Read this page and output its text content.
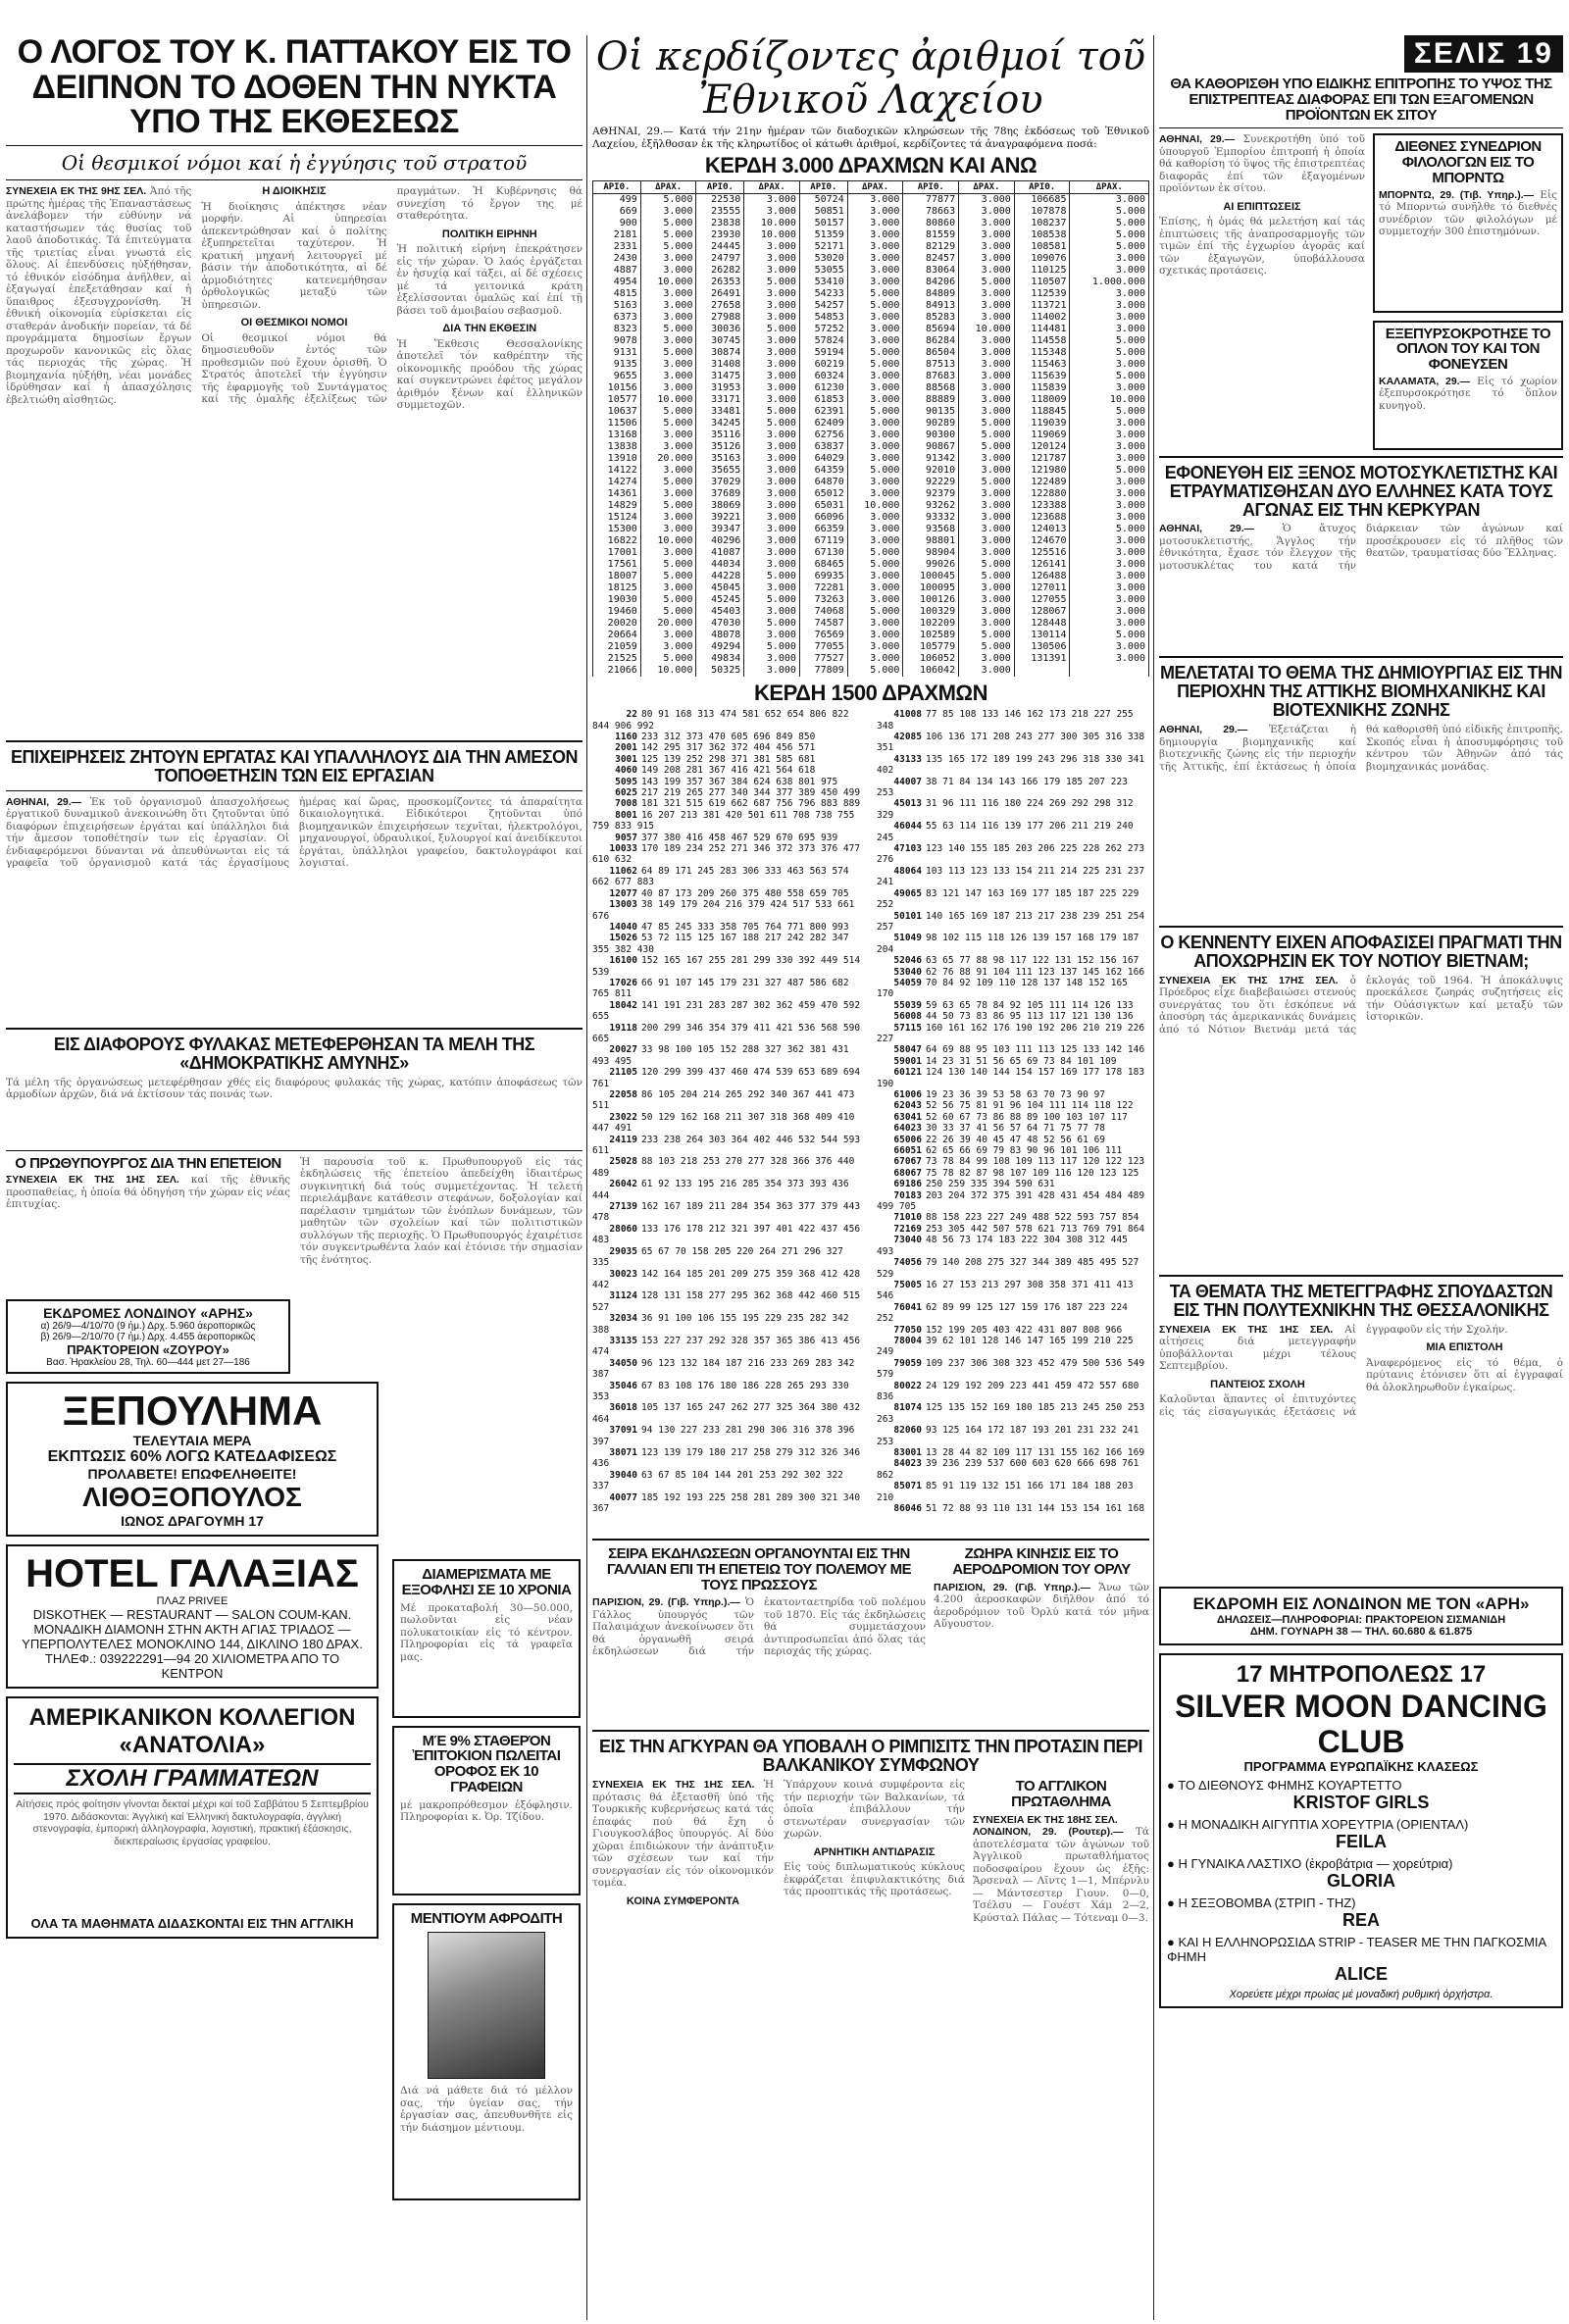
Ο ΛΟΓΟΣ ΤΟΥ Κ. ΠΑΤΤΑΚΟΥ ΕΙΣ ΤΟ ΔΕΙΠΝΟΝ ΤΟ ΔΟΘΕΝ ΤΗΝ ΝΥΚΤΑ ΥΠΟ ΤΗΣ ΕΚΘΕΣΕΩΣ
Οἱ θεσμικοί νόμοι καί ἡ ἐγγύησις τοῦ στρατοῦ
ΣΥΝΕΧΕΙΑ ΕΚ ΤΗΣ 9ΗΣ ΣΕΛ. Ἀπό τῆς πρώτης ἡμέρας τῆς Ἐπαναστάσεως ἀνελάβομεν τήν εὐθύνην νά καταστήσωμεν τάς θυσίας τοῦ λαοῦ ἀποδοτικάς. Τά ἐπιτεύγματα τῆς τριετίας εἶναι γνωστά εἰς ὅλους. Αἱ ἐπενδύσεις ηὐξήθησαν, τό ἐθνικόν εἰσόδημα ἀνῆλθεν, αἱ ἐξαγωγαί ἐπεξετάθησαν καί ἡ ὕπαιθρος ἐξεσυγχρονίσθη. Ἡ ἐθνική οἰκονομία εὑρίσκεται εἰς σταθεράν ἀνοδικήν πορείαν, τά δέ προγράμματα δημοσίων ἔργων προχωροῦν κανονικῶς εἰς ὅλας τάς περιοχάς τῆς χώρας. Ἡ βιομηχανία ηὐξήθη, νέαι μονάδες ἱδρύθησαν καί ἡ ἀπασχόλησις ἐβελτιώθη αἰσθητῶς.
Η ΔΙΟΙΚΗΣΙΣ
Ἡ διοίκησις ἀπέκτησε νέαν μορφήν. Αἱ ὑπηρεσίαι ἀπεκεντρώθησαν καί ὁ πολίτης ἐξυπηρετεῖται ταχύτερον. Ἡ κρατική μηχανή λειτουργεῖ μέ βάσιν τήν ἀποδοτικότητα, αἱ δέ ἀρμοδιότητες κατενεμήθησαν ὀρθολογικῶς μεταξύ τῶν ὑπηρεσιῶν.
ΟΙ ΘΕΣΜΙΚΟΙ ΝΟΜΟΙ
Οἱ θεσμικοί νόμοι θά δημοσιευθοῦν ἐντός τῶν προθεσμιῶν πού ἔχουν ὁρισθῆ. Ὁ Στρατός ἀποτελεῖ τήν ἐγγύησιν τῆς ἐφαρμογῆς τοῦ Συντάγματος καί τῆς ὁμαλῆς ἐξελίξεως τῶν πραγμάτων. Ἡ Κυβέρνησις θά συνεχίση τό ἔργον της μέ σταθερότητα.
ΠΟΛΙΤΙΚΗ ΕΙΡΗΝΗ
Ἡ πολιτική εἰρήνη ἐπεκράτησεν εἰς τήν χώραν. Ὁ λαός ἐργάζεται ἐν ἡσυχίᾳ καί τάξει, αἱ δέ σχέσεις μέ τά γειτονικά κράτη ἐξελίσσονται ὁμαλῶς καί ἐπί τῇ βάσει τοῦ ἀμοιβαίου σεβασμοῦ.
ΔΙΑ ΤΗΝ ΕΚΘΕΣΙΝ
Ἡ Ἔκθεσις Θεσσαλονίκης ἀποτελεῖ τόν καθρέπτην τῆς οἰκονομικῆς προόδου τῆς χώρας καί συγκεντρώνει ἐφέτος μεγάλον ἀριθμόν ξένων καί ἑλληνικῶν συμμετοχῶν.
ΕΠΙΧΕΙΡΗΣΕΙΣ ΖΗΤΟΥΝ ΕΡΓΑΤΑΣ ΚΑΙ ΥΠΑΛΛΗΛΟΥΣ ΔΙΑ ΤΗΝ ΑΜΕΣΟΝ ΤΟΠΟΘΕΤΗΣΙΝ ΤΩΝ ΕΙΣ ΕΡΓΑΣΙΑΝ
ΑΘΗΝΑΙ, 29.— Ἐκ τοῦ ὀργανισμοῦ ἀπασχολήσεως ἐργατικοῦ δυναμικοῦ ἀνεκοινώθη ὅτι ζητοῦνται ὑπό διαφόρων ἐπιχειρήσεων ἐργάται καί ὑπάλληλοι διά τήν ἄμεσον τοποθέτησίν των εἰς ἐργασίαν. Οἱ ἐνδιαφερόμενοι δύνανται νά ἀπευθύνωνται εἰς τά γραφεῖα τοῦ ὀργανισμοῦ κατά τάς ἐργασίμους ἡμέρας καί ὥρας, προσκομίζοντες τά ἀπαραίτητα δικαιολογητικά. Εἰδικότεροι ζητοῦνται ὑπό βιομηχανικῶν ἐπιχειρήσεων τεχνῖται, ἠλεκτρολόγοι, μηχανουργοί, ὑδραυλικοί, ξυλουργοί καί ἀνειδίκευτοι ἐργάται, ὑπάλληλοι γραφείου, δακτυλογράφοι καί λογισταί.
ΕΙΣ ΔΙΑΦΟΡΟΥΣ ΦΥΛΑΚΑΣ ΜΕΤΕΦΕΡΘΗΣΑΝ ΤΑ ΜΕΛΗ ΤΗΣ «ΔΗΜΟΚΡΑΤΙΚΗΣ ΑΜΥΝΗΣ»
Τά μέλη τῆς ὀργανώσεως μετεφέρθησαν χθές εἰς διαφόρους φυλακάς τῆς χώρας, κατόπιν ἀποφάσεως τῶν ἀρμοδίων ἀρχῶν, διά νά ἐκτίσουν τάς ποινάς των.
Ο ΠΡΩΘΥΠΟΥΡΓΟΣ ΔΙΑ ΤΗΝ ΕΠΕΤΕΙΟΝ
ΣΥΝΕΧΕΙΑ ΕΚ ΤΗΣ 1ΗΣ ΣΕΛ. καί τῆς ἐθνικῆς προσπαθείας, ἡ ὁποία θά ὁδηγήση τήν χώραν εἰς νέας ἐπιτυχίας.
ΕΚΔΡΟΜΕΣ ΛΟΝΔΙΝΟΥ «ΑΡΗΣ»
α) 26/9—4/10/70 (9 ἡμ.) Δρχ. 5.960 ἀεροπορικῶς
β) 26/9—2/10/70 (7 ἡμ.) Δρχ. 4.455 ἀεροπορικῶς
ΠΡΑΚΤΟΡΕΙΟΝ «ΖΟΥΡΟΥ»
Βασ. Ἡρακλείου 28, Τηλ. 60—444 μετ 27—186
Ἡ παρουσία τοῦ κ. Πρωθυπουργοῦ εἰς τάς ἐκδηλώσεις τῆς ἐπετείου ἀπεδείχθη ἰδιαιτέρως συγκινητική διά τούς συμμετέχοντας. Ἡ τελετή περιελάμβανε κατάθεσιν στεφάνων, δοξολογίαν καί παρέλασιν τμημάτων τῶν ἐνόπλων δυνάμεων, τῶν μαθητῶν τῶν σχολείων καί τῶν πολιτιστικῶν συλλόγων τῆς περιοχῆς. Ὁ Πρωθυπουργός ἐχαιρέτισε τόν συγκεντρωθέντα λαόν καί ἐτόνισε τήν σημασίαν τῆς ἑνότητος.
ΞΕΠΟΥΛΗΜΑ
ΤΕΛΕΥΤΑΙΑ ΜΕΡΑ
ΕΚΠΤΩΣΙΣ 60% ΛΟΓΩ ΚΑΤΕΔΑΦΙΣΕΩΣ
ΠΡΟΛΑΒΕΤΕ! ΕΠΩΦΕΛΗΘΕΙΤΕ!
ΛΙΘΟΞΟΠΟΥΛΟΣ
ΙΩΝΟΣ ΔΡΑΓΟΥΜΗ 17
HOTEL ΓΑΛΑΞΙΑΣ
ΠΛΑΖ PRIVEE
DISKOTHEK — RESTAURANT — SALON COUM-KAN. ΜΟΝΑΔΙΚΗ ΔΙΑΜΟΝΗ ΣΤΗΝ ΑΚΤΗ ΑΓΙΑΣ ΤΡΙΑΔΟΣ — ΥΠΕΡΠΟΛΥΤΕΛΕΣ ΜΟΝΟΚΛΙΝΟ 144, ΔΙΚΛΙΝΟ 180 ΔΡΑΧ. ΤΗΛΕΦ.: 039222291—94 20 ΧΙΛΙΟΜΕΤΡΑ ΑΠΟ ΤΟ ΚΕΝΤΡΟΝ
ΑΜΕΡΙΚΑΝΙΚΟΝ ΚΟΛΛΕΓΙΟΝ «ΑΝΑΤΟΛΙΑ»
ΣΧΟΛΗ ΓΡΑΜΜΑΤΕΩΝ
Αἰτήσεις πρός φοίτησιν γίνονται δεκταί μέχρι καί τοῦ Σαββάτου 5 Σεπτεμβρίου 1970. Διδάσκονται: Ἀγγλική καί Ἑλληνική δακτυλογραφία, ἀγγλική στενογραφία, ἐμπορική ἀλληλογραφία, λογιστική, πρακτική ἐξάσκησις, διεκπεραίωσις ἐργασίας γραφείου.
ΟΛΑ ΤΑ ΜΑΘΗΜΑΤΑ ΔΙΔΑΣΚΟΝΤΑΙ ΕΙΣ ΤΗΝ ΑΓΓΛΙΚΗ
ΔΙΑΜΕΡΙΣΜΑΤΑ ΜΕ ΕΞΟΦΛΗΣΙ ΣΕ 10 ΧΡΟΝΙΑ
Μέ προκαταβολή 30—50.000, πωλοῦνται εἰς νέαν πολυκατοικίαν εἰς τό κέντρον. Πληροφορίαι εἰς τά γραφεῖα μας.
ΜΈ 9% ΣΤΑΘΕΡΌΝ ἘΠΙΤΌΚΙΟΝ ΠΩΛΕΙΤΑΙ ΟΡΟΦΟΣ ΕΚ 10 ΓΡΑΦΕΙΩΝ
μέ μακροπρόθεσμον ἐξόφλησιν. Πληροφορίαι κ. Ὀρ. Τζίδου.
ΜΕΝΤΙΟΥΜ ΑΦΡΟΔΙΤΗ
Διά νά μάθετε διά τό μέλλον σας, τήν ὑγείαν σας, τήν ἐργασίαν σας, ἀπευθυνθῆτε εἰς τήν διάσημον μέντιουμ.
Οἱ κερδίζοντες ἀριθμοί τοῦ Ἐθνικοῦ Λαχείου
ΑΘΗΝΑΙ, 29.— Κατά τήν 21ην ἡμέραν τῶν διαδοχικῶν κληρώσεων τῆς 78ης ἐκδόσεως τοῦ Ἐθνικοῦ Λαχείου, ἐξῆλθοσαν ἐκ τῆς κληρωτίδος οἱ κάτωθι ἀριθμοί, κερδίζοντες τά ἀναγραφόμενα ποσά:
ΚΕΡΔΗ 3.000 ΔΡΑΧΜΩΝ ΚΑΙ ΑΝΩ
ΑΡΙΘ.	ΔΡΑΧ.	ΑΡΙΘ.	ΔΡΑΧ.	ΑΡΙΘ.	ΔΡΑΧ.	ΑΡΙΘ.	ΔΡΑΧ.	ΑΡΙΘ.	ΔΡΑΧ.
499	5.000	22530	3.000	50724	3.000	77877	3.000	106685	3.000
669	3.000	23555	3.000	50851	3.000	78663	3.000	107878	5.000
900	5.000	23838	10.000	50157	3.000	80860	3.000	108237	5.000
2181	5.000	23930	10.000	51359	3.000	81559	3.000	108538	5.000
2331	5.000	24445	3.000	52171	3.000	82129	3.000	108581	5.000
2430	3.000	24797	3.000	53020	3.000	82457	3.000	109076	3.000
4887	3.000	26282	3.000	53055	3.000	83064	3.000	110125	3.000
4954	10.000	26353	5.000	53410	3.000	84206	5.000	110507	1.000.000
4815	3.000	26491	3.000	54233	5.000	84809	3.000	112539	3.000
5163	3.000	27658	3.000	54257	5.000	84913	3.000	113721	3.000
6373	3.000	27988	3.000	54853	3.000	85283	3.000	114002	3.000
8323	5.000	30036	5.000	57252	3.000	85694	10.000	114481	3.000
9078	3.000	30745	3.000	57824	3.000	86284	3.000	114558	5.000
9131	5.000	30874	3.000	59194	5.000	86504	3.000	115348	5.000
9135	3.000	31408	3.000	60219	5.000	87513	3.000	115463	3.000
9655	3.000	31475	3.000	60324	3.000	87683	3.000	115639	5.000
10156	3.000	31953	3.000	61230	3.000	88568	3.000	115839	3.000
10577	10.000	33171	3.000	61853	3.000	88889	3.000	118009	10.000
10637	5.000	33481	5.000	62391	5.000	90135	3.000	118845	5.000
11506	5.000	34245	5.000	62409	3.000	90289	5.000	119039	3.000
13168	3.000	35116	3.000	62756	3.000	90300	5.000	119069	3.000
13838	3.000	35126	3.000	63837	3.000	90867	5.000	120124	3.000
13910	20.000	35163	3.000	64029	3.000	91342	3.000	121787	3.000
14122	3.000	35655	3.000	64359	5.000	92010	3.000	121980	5.000
14274	5.000	37029	3.000	64870	3.000	92229	5.000	122489	3.000
14361	3.000	37689	3.000	65012	3.000	92379	3.000	122880	3.000
14829	5.000	38069	3.000	65031	10.000	93262	3.000	123388	3.000
15124	3.000	39221	3.000	66096	3.000	93332	3.000	123688	3.000
15300	3.000	39347	3.000	66359	3.000	93568	3.000	124013	5.000
16822	10.000	40296	3.000	67119	3.000	98801	3.000	124670	3.000
17001	3.000	41087	3.000	67130	5.000	98904	3.000	125516	3.000
17561	5.000	44034	3.000	68465	5.000	99026	5.000	126141	3.000
18007	5.000	44228	5.000	69935	3.000	100045	5.000	126488	3.000
18125	3.000	45045	3.000	72281	3.000	100095	3.000	127011	3.000
19030	5.000	45245	5.000	73263	3.000	100126	3.000	127055	3.000
19460	5.000	45403	3.000	74068	5.000	100329	3.000	128067	3.000
20020	20.000	47030	5.000	74587	3.000	102209	3.000	128448	3.000
20664	3.000	48078	3.000	76569	3.000	102589	5.000	130114	5.000
21059	3.000	49294	5.000	77055	3.000	105779	5.000	130506	3.000
21525	5.000	49834	3.000	77527	3.000	106052	3.000	131391	3.000
21066	10.000	50325	3.000	77809	5.000	106042	3.000		
ΚΕΡΔΗ 1500 ΔΡΑΧΜΩΝ
22 80 91 168 313 474 581 652 654 806 822 844 906 992
1160 233 312 373 470 605 696 849 850
2001 142 295 317 362 372 404 456 571
3001 125 139 252 298 371 381 585 681
4060 149 208 281 367 416 421 564 618
5095 143 199 357 367 384 624 638 801 975
6025 217 219 265 277 340 344 377 389 450 499
7008 181 321 515 619 662 687 756 796 883 889
8001 16 207 213 381 420 501 611 708 738 755 759 833 915
9057 377 380 416 458 467 529 670 695 939
10033 170 189 234 252 271 346 372 373 376 477 610 632
11062 64 89 171 245 283 306 333 463 563 574 662 677 883
12077 40 87 173 209 260 375 480 558 659 705
13003 38 149 179 204 216 379 424 517 533 661 676
14040 47 85 245 333 358 705 764 771 800 993
15026 53 72 115 125 167 188 217 242 282 347 355 382 430
16100 152 165 167 255 281 299 330 392 449 514 539
17026 66 91 107 145 179 231 327 487 586 682 765 811
18042 141 191 231 283 287 302 362 459 470 592 655
19118 200 299 346 354 379 411 421 536 568 590 665
20027 33 98 100 105 152 288 327 362 381 431 493 495
21105 120 299 399 437 460 474 539 653 689 694 761
22058 86 105 204 214 265 292 340 367 441 473 511
23022 50 129 162 168 211 307 318 368 409 410 447 491
24119 233 238 264 303 364 402 446 532 544 593 611
25028 88 103 218 253 270 277 328 366 376 440 489
26042 61 92 133 195 216 285 354 373 393 436 444
27139 162 167 189 211 284 354 363 377 379 443 478
28060 133 176 178 212 321 397 401 422 437 456 483
29035 65 67 70 158 205 220 264 271 296 327 335
30023 142 164 185 201 209 275 359 368 412 428 442
31124 128 131 158 277 295 362 368 442 460 515 527
32034 36 91 100 106 155 195 229 235 282 342 388
33135 153 227 237 292 328 357 365 386 413 456 474
34050 96 123 132 184 187 216 233 269 283 342 387
35046 67 83 108 176 180 186 228 265 293 330 353
36018 105 137 165 247 262 277 325 364 380 432 464
37091 94 130 227 233 281 290 306 316 378 396 397
38071 123 139 179 180 217 258 279 312 326 346 436
39040 63 67 85 104 144 201 253 292 302 322 337
40077 185 192 193 225 258 281 289 300 321 340 367
41008 77 85 108 133 146 162 173 218 227 255 348
42085 106 136 171 208 243 277 300 305 316 338 351
43133 135 165 172 189 199 243 296 318 330 341 402
44007 38 71 84 134 143 166 179 185 207 223 253
45013 31 96 111 116 180 224 269 292 298 312 329
46044 55 63 114 116 139 177 206 211 219 240 245
47103 123 140 155 185 203 206 225 228 262 273 276
48064 103 113 123 133 154 211 214 225 231 237 241
49065 83 121 147 163 169 177 185 187 225 229 252
50101 140 165 169 187 213 217 238 239 251 254 257
51049 98 102 115 118 126 139 157 168 179 187 204
52046 63 65 77 88 98 117 122 131 152 156 167
53040 62 76 88 91 104 111 123 137 145 162 166
54059 70 84 92 109 110 128 137 148 152 165 170
55039 59 63 65 78 84 92 105 111 114 126 133
56008 44 50 73 83 86 95 113 117 121 130 136
57115 160 161 162 176 190 192 206 210 219 226 227
58047 64 69 88 95 103 111 113 125 133 142 146
59001 14 23 31 51 56 65 69 73 84 101 109
60121 124 130 140 144 154 157 169 177 178 183 190
61006 19 23 36 39 53 58 63 70 73 90 97
62043 52 56 75 81 91 96 104 111 114 118 122
63041 52 60 67 73 86 88 89 100 103 107 117
64023 30 33 37 41 56 57 64 71 75 77 78
65006 22 26 39 40 45 47 48 52 56 61 69
66051 62 65 66 69 79 83 90 96 101 106 111
67067 73 78 84 99 108 109 113 117 120 122 123
68067 75 78 82 87 98 107 109 116 120 123 125
69186 250 259 335 394 590 631
70183 203 204 372 375 391 428 431 454 484 489 499 705
71010 88 158 223 227 249 488 522 593 757 854
72169 253 305 442 507 578 621 713 769 791 864
73040 48 56 73 174 183 222 304 308 312 445 493
74056 79 140 208 275 327 344 389 485 495 527 529
75005 16 27 153 213 297 308 358 371 411 413 546
76041 62 89 99 125 127 159 176 187 223 224 252
77050 152 199 205 403 422 431 807 808 966
78004 39 62 101 128 146 147 165 199 210 225 249
79059 109 237 306 308 323 452 479 500 536 549 579
80022 24 129 192 209 223 441 459 472 557 680 836
81074 125 135 152 169 180 185 213 245 250 253 263
82060 93 125 164 172 187 193 201 231 232 241 253
83001 13 28 44 82 109 117 131 155 162 166 169
84023 39 236 239 537 600 603 620 666 698 761 862
85071 85 91 119 132 151 166 171 184 188 203 210
86046 51 72 88 93 110 131 144 153 154 161 168
ΣΕΙΡΑ ΕΚΔΗΛΩΣΕΩΝ ΟΡΓΑΝΟΥΝΤΑΙ ΕΙΣ ΤΗΝ ΓΑΛΛΙΑΝ ΕΠΙ ΤΗ ΕΠΕΤΕΙΩ ΤΟΥ ΠΟΛΕΜΟΥ ΜΕ ΤΟΥΣ ΠΡΩΣΣΟΥΣ
ΠΑΡΙΣΙΟΝ, 29. (Γιβ. Υπηρ.).— Ὁ Γάλλος ὑπουργός τῶν Παλαιμάχων ἀνεκοίνωσεν ὅτι θά ὀργανωθῆ σειρά ἐκδηλώσεων διά τήν ἐκατονταετηρίδα τοῦ πολέμου τοῦ 1870. Εἰς τάς ἐκδηλώσεις θά συμμετάσχουν ἀντιπροσωπεῖαι ἀπό ὅλας τάς περιοχάς τῆς χώρας.
ΖΩΗΡΑ ΚΙΝΗΣΙΣ ΕΙΣ ΤΟ ΑΕΡΟΔΡΟΜΙΟΝ ΤΟΥ ΟΡΛΥ
ΠΑΡΙΣΙΟΝ, 29. (Γιβ. Υπηρ.).— Ἄνω τῶν 4.200 ἀεροσκαφῶν διῆλθον ἀπό τό ἀεροδρόμιον τοῦ Ὀρλύ κατά τόν μῆνα Αὔγουστον.
ΕΙΣ ΤΗΝ ΑΓΚΥΡΑΝ ΘΑ ΥΠΟΒΑΛΗ Ο ΡΙΜΠΙΣΙΤΣ ΤΗΝ ΠΡΟΤΑΣΙΝ ΠΕΡΙ ΒΑΛΚΑΝΙΚΟΥ ΣΥΜΦΩΝΟΥ
ΣΥΝΕΧΕΙΑ ΕΚ ΤΗΣ 1ΗΣ ΣΕΛ. Ἡ πρότασις θά ἐξετασθῆ ὑπό τῆς Τουρκικῆς κυβερνήσεως κατά τάς ἐπαφάς πού θά ἔχη ὁ Γιουγκοσλάβος ὑπουργός. Αἱ δύο χῶραι ἐπιδιώκουν τήν ἀνάπτυξιν τῶν σχέσεων των καί τήν συνεργασίαν εἰς τόν οἰκονομικόν τομέα.
ΚΟΙΝΑ ΣΥΜΦΕΡΟΝΤΑ
Ὑπάρχουν κοινά συμφέροντα εἰς τήν περιοχήν τῶν Βαλκανίων, τά ὁποῖα ἐπιβάλλουν τήν στενωτέραν συνεργασίαν τῶν χωρῶν.
ΑΡΝΗΤΙΚΗ ΑΝΤΙΔΡΑΣΙΣ
Εἰς τούς διπλωματικούς κύκλους ἐκφράζεται ἐπιφυλακτικότης διά τάς προοπτικάς τῆς προτάσεως.
ΤΟ ΑΓΓΛΙΚΟΝ ΠΡΩΤΑΘΛΗΜΑ
ΣΥΝΕΧΕΙΑ ΕΚ ΤΗΣ 18ΗΣ ΣΕΛ.
ΛΟΝΔΙΝΟΝ, 29. (Ρουτερ).— Τά ἀποτελέσματα τῶν ἀγώνων τοῦ Ἀγγλικοῦ πρωταθλήματος ποδοσφαίρου ἔχουν ὡς ἑξῆς: Ἄρσεναλ — Λῖντς 1—1, Μπέρνλυ — Μάντσεστερ Γιουν. 0—0, Τσέλσυ — Γουέστ Χάμ 2—2, Κρύσταλ Πάλας — Τότεναμ 0—3.
ΣΕΛΙΣ 19
ΘΑ ΚΑΘΟΡΙΣΘΗ ΥΠΟ ΕΙΔΙΚΗΣ ΕΠΙΤΡΟΠΗΣ ΤΟ ΥΨΟΣ ΤΗΣ ΕΠΙΣΤΡΕΠΤΕΑΣ ΔΙΑΦΟΡΑΣ ΕΠΙ ΤΩΝ ΕΞΑΓΟΜΕΝΩΝ ΠΡΟΪΟΝΤΩΝ ΕΚ ΣΙΤΟΥ
ΑΘΗΝΑΙ, 29.— Συνεκροτήθη ὑπό τοῦ ὑπουργοῦ Ἐμπορίου ἐπιτροπή ἡ ὁποία θά καθορίση τό ὕψος τῆς ἐπιστρεπτέας διαφορᾶς ἐπί τῶν ἐξαγομένων προϊόντων ἐκ σίτου.
ΑΙ ΕΠΙΠΤΩΣΕΙΣ
Ἐπίσης, ἡ ὁμάς θά μελετήση καί τάς ἐπιπτώσεις τῆς ἀναπροσαρμογῆς τῶν τιμῶν ἐπί τῆς ἐγχωρίου ἀγορᾶς καί τῶν ἐξαγωγῶν, ὑποβάλλουσα σχετικάς προτάσεις.
ΔΙΕΘΝΕΣ ΣΥΝΕΔΡΙΟΝ ΦΙΛΟΛΟΓΩΝ ΕΙΣ ΤΟ ΜΠΟΡΝΤΩ
ΜΠΟΡΝΤΩ, 29. (Τιβ. Υπηρ.).— Εἰς τό Μπορντώ συνῆλθε τό διεθνές συνέδριον τῶν φιλολόγων μέ συμμετοχήν 300 ἐπιστημόνων.
ΕΞΕΠΥΡΣΟΚΡΟΤΗΣΕ ΤΟ ΟΠΛΟΝ ΤΟΥ ΚΑΙ ΤΟΝ ΦΟΝΕΥΣΕΝ
ΚΑΛΑΜΑΤΑ, 29.— Εἰς τό χωρίον ἐξεπυρσοκρότησε τό ὅπλον κυνηγοῦ.
ΕΦΟΝΕΥΘΗ ΕΙΣ ΞΕΝΟΣ ΜΟΤΟΣΥΚΛΕΤΙΣΤΗΣ ΚΑΙ ΕΤΡΑΥΜΑΤΙΣΘΗΣΑΝ ΔΥΟ ΕΛΛΗΝΕΣ ΚΑΤΑ ΤΟΥΣ ΑΓΩΝΑΣ ΕΙΣ ΤΗΝ ΚΕΡΚΥΡΑΝ
ΑΘΗΝΑΙ, 29.—	Ὁ ἄτυχος μοτοσυκλετιστής, Ἄγγλος τήν ἐθνικότητα, ἔχασε τόν ἔλεγχον τῆς μοτοσυκλέτας του κατά τήν διάρκειαν τῶν ἀγώνων καί προσέκρουσεν εἰς τό πλῆθος τῶν θεατῶν, τραυματίσας δύο Ἕλληνας.
ΜΕΛΕΤΑΤΑΙ ΤΟ ΘΕΜΑ ΤΗΣ ΔΗΜΙΟΥΡΓΙΑΣ ΕΙΣ ΤΗΝ ΠΕΡΙΟΧΗΝ ΤΗΣ ΑΤΤΙΚΗΣ ΒΙΟΜΗΧΑΝΙΚΗΣ ΚΑΙ ΒΙΟΤΕΧΝΙΚΗΣ ΖΩΝΗΣ
ΑΘΗΝΑΙ, 29.— Ἐξετάζεται ἡ δημιουργία βιομηχανικῆς καί βιοτεχνικῆς ζώνης εἰς τήν περιοχήν τῆς Ἀττικῆς, ἐπί ἐκτάσεως ἡ ὁποία θά καθορισθῆ ὑπό εἰδικῆς ἐπιτροπῆς. Σκοπός εἶναι ἡ ἀποσυμφόρησις τοῦ κέντρου τῶν Ἀθηνῶν ἀπό τάς βιομηχανικάς μονάδας.
Ο ΚΕΝΝΕΝΤΥ ΕΙΧΕΝ ΑΠΟΦΑΣΙΣΕΙ ΠΡΑΓΜΑΤΙ ΤΗΝ ΑΠΟΧΩΡΗΣΙΝ ΕΚ ΤΟΥ ΝΟΤΙΟΥ ΒΙΕΤΝΑΜ;
ΣΥΝΕΧΕΙΑ ΕΚ ΤΗΣ 17ΗΣ ΣΕΛ. ὁ Πρόεδρος εἶχε διαβεβαιώσει στενούς συνεργάτας του ὅτι ἐσκόπευε νά ἀποσύρη τάς ἀμερικανικάς δυνάμεις ἀπό τό Νότιον Βιετνάμ μετά τάς ἐκλογάς τοῦ 1964. Ἡ ἀποκάλυψις προεκάλεσε ζωηράς συζητήσεις εἰς τήν Οὐάσιγκτων καί μεταξύ τῶν ἱστορικῶν.
ΤΑ ΘΕΜΑΤΑ ΤΗΣ ΜΕΤΕΓΓΡΑΦΗΣ ΣΠΟΥΔΑΣΤΩΝ ΕΙΣ ΤΗΝ ΠΟΛΥΤΕΧΝΙΚΗΝ ΤΗΣ ΘΕΣΣΑΛΟΝΙΚΗΣ
ΣΥΝΕΧΕΙΑ ΕΚ ΤΗΣ 1ΗΣ ΣΕΛ. Αἱ αἰτήσεις διά μετεγγραφήν ὑποβάλλονται μέχρι τέλους Σεπτεμβρίου.
ΠΑΝΤΕΙΟΣ ΣΧΟΛΗ
Καλοῦνται ἅπαντες οἱ ἐπιτυχόντες εἰς τάς εἰσαγωγικάς ἐξετάσεις νά ἐγγραφοῦν εἰς τήν Σχολήν.
ΜΙΑ ΕΠΙΣΤΟΛΗ
Ἀναφερόμενος εἰς τό θέμα, ὁ πρύτανις ἐτόνισεν ὅτι αἱ ἐγγραφαί θά ὁλοκληρωθοῦν ἐγκαίρως.
ΕΚΔΡΟΜΗ ΕΙΣ ΛΟΝΔΙΝΟΝ ΜΕ ΤΟΝ «ΑΡΗ»
ΔΗΛΩΣΕΙΣ—ΠΛΗΡΟΦΟΡΙΑΙ: ΠΡΑΚΤΟΡΕΙΟΝ ΣΙΣΜΑΝΙΔΗ
ΔΗΜ. ΓΟΥΝΑΡΗ 38 — ΤΗΛ. 60.680 & 61.875
17 ΜΗΤΡΟΠΟΛΕΩΣ 17
SILVER MOON DANCING CLUB
ΠΡΟΓΡΑΜΜΑ ΕΥΡΩΠΑΪΚΗΣ ΚΛΑΣΕΩΣ
● ΤΟ ΔΙΕΘΝΟΥΣ ΦΗΜΗΣ ΚΟΥΑΡΤΕΤΤΟ
KRISTOF GIRLS
● Η ΜΟΝΑΔΙΚΗ ΑΙΓΥΠΤΙΑ ΧΟΡΕΥΤΡΙΑ (ΟΡΙΕΝΤΑΛ)
FEILA
● Η ΓΥΝΑΙΚΑ ΛΑΣΤΙΧΟ (ἐκροβάτρια — χορεύτρια)
GLORIA
● Η ΣΕΞΟΒΟΜΒΑ (ΣΤΡΙΠ - ΤΗΖ)
REA
● ΚΑΙ Η ΕΛΛΗΝΟΡΩΣΙΔΑ STRIP - TEASER ΜΕ ΤΗΝ ΠΑΓΚΟΣΜΙΑ ΦΗΜΗ
ALICE
Χορεύετε μέχρι πρωίας μέ μοναδική ρυθμική ὀρχήστρα.
